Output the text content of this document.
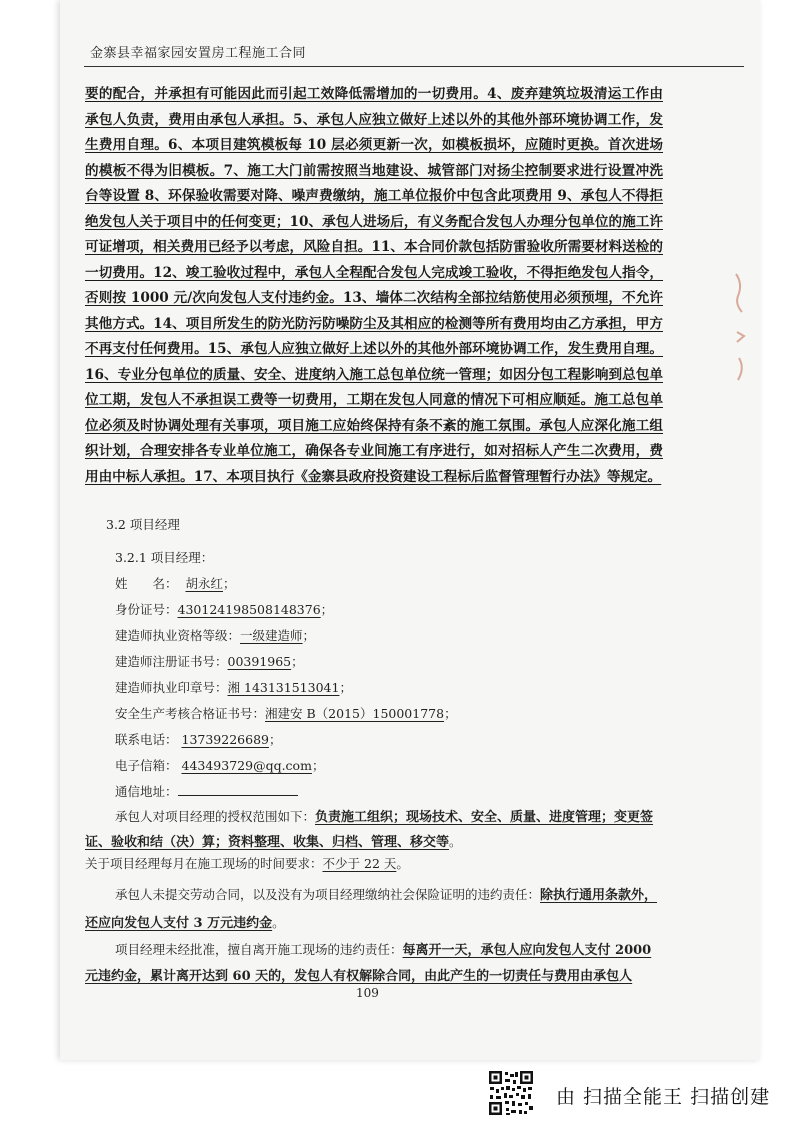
金寨县幸福家园安置房工程施工合同
要的配合，并承担有可能因此而引起工效降低需增加的一切费用。4、废弃建筑垃圾清运工作由承包人负责，费用由承包人承担。5、承包人应独立做好上述以外的其他外部环境协调工作，发生费用自理。6、本项目建筑模板每 10 层必须更新一次，如模板损坏，应随时更换。首次进场的模板不得为旧模板。7、施工大门前需按照当地建设、城管部门对扬尘控制要求进行设置冲洗台等设置 8、环保验收需要对降、噪声费缴纳，施工单位报价中包含此项费用 9、承包人不得拒绝发包人关于项目中的任何变更；10、承包人进场后，有义务配合发包人办理分包单位的施工许可证增项，相关费用已经予以考虑，风险自担。11、本合同价款包括防雷验收所需要材料送检的一切费用。12、竣工验收过程中，承包人全程配合发包人完成竣工验收，不得拒绝发包人指令，否则按 1000 元/次向发包人支付违约金。13、墙体二次结构全部拉结筋使用必须预埋，不允许其他方式。14、项目所发生的防光防污防噪防尘及其相应的检测等所有费用均由乙方承担，甲方不再支付任何费用。15、承包人应独立做好上述以外的其他外部环境协调工作，发生费用自理。16、专业分包单位的质量、安全、进度纳入施工总包单位统一管理；如因分包工程影响到总包单位工期，发包人不承担误工费等一切费用，工期在发包人同意的情况下可相应顺延。施工总包单位必须及时协调处理有关事项，项目施工应始终保持有条不紊的施工氛围。承包人应深化施工组织计划，合理安排各专业单位施工，确保各专业间施工有序进行，如对招标人产生二次费用，费用由中标人承担。17、本项目执行《金寨县政府投资建设工程标后监督管理暂行办法》等规定。
3.2 项目经理
3.2.1 项目经理：
姓　　名： 胡永红；
身份证号：430124198508148376；
建造师执业资格等级：一级建造师；
建造师注册证书号：00391965；
建造师执业印章号：湘 143131513041；
安全生产考核合格证书号：湘建安 B（2015）150001778；
联系电话： 13739226689；
电子信箱： 443493729@qq.com；
通信地址：
承包人对项目经理的授权范围如下：负责施工组织；现场技术、安全、质量、进度管理；变更签证、验收和结（决）算；资料整理、收集、归档、管理、移交等。
关于项目经理每月在施工现场的时间要求：不少于 22 天。
承包人未提交劳动合同，以及没有为项目经理缴纳社会保险证明的违约责任：除执行通用条款外，还应向发包人支付 3 万元违约金。
项目经理未经批准，擅自离开施工现场的违约责任：每离开一天，承包人应向发包人支付 2000 元违约金，累计离开达到 60 天的，发包人有权解除合同，由此产生的一切责任与费用由承包人
109
由 扫描全能王 扫描创建
